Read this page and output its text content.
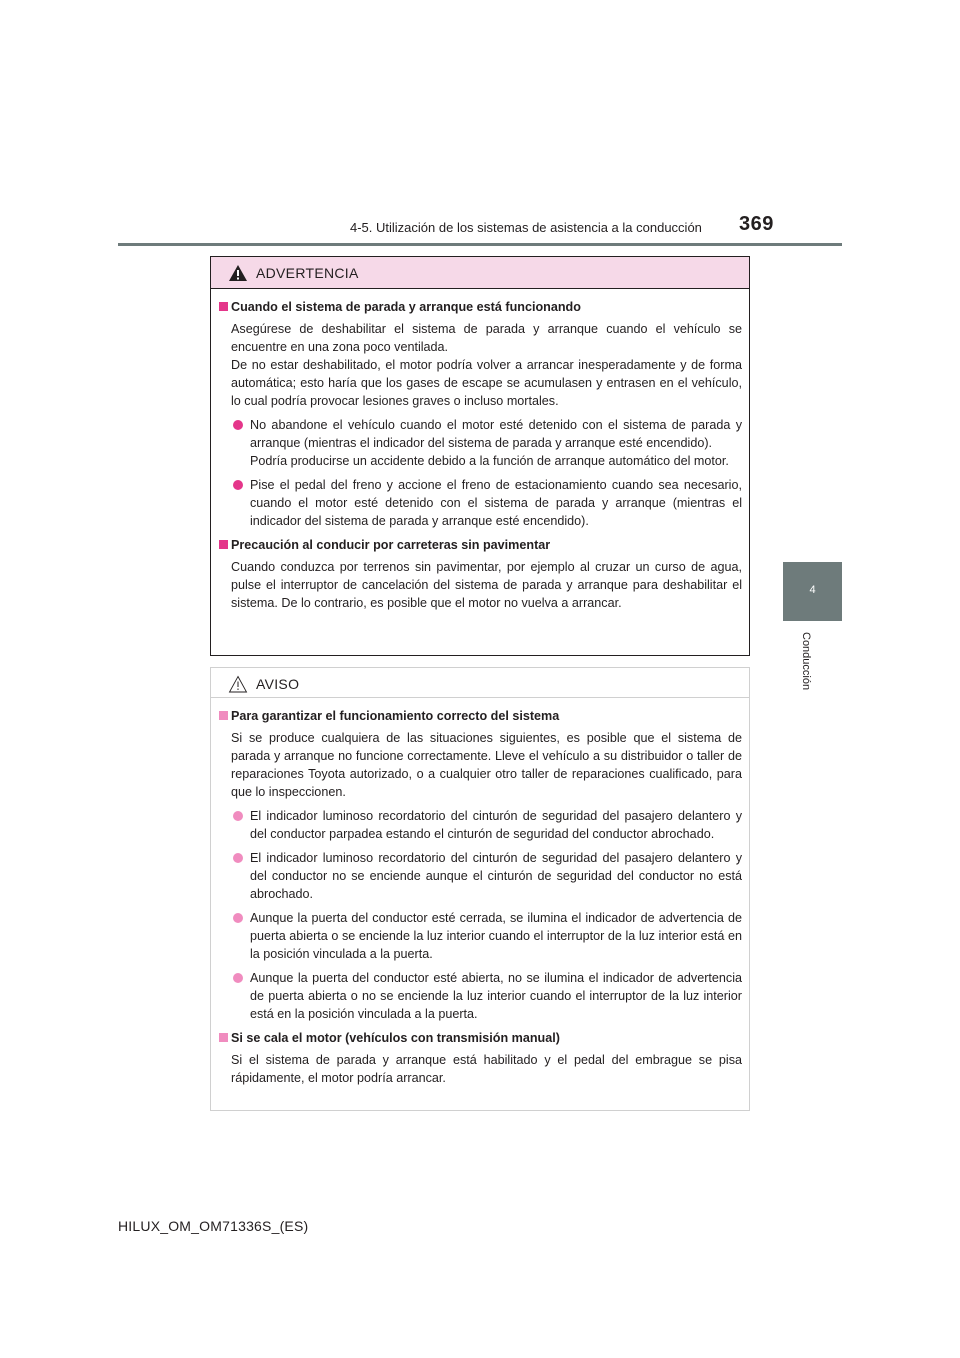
4-5. Utilización de los sistemas de asistencia a la conducción 369
4
Conducción
ADVERTENCIA
Cuando el sistema de parada y arranque está funcionando
Asegúrese de deshabilitar el sistema de parada y arranque cuando el vehículo se encuentre en una zona poco ventilada.
De no estar deshabilitado, el motor podría volver a arrancar inesperadamente y de forma automática; esto haría que los gases de escape se acumulasen y entrasen en el vehículo, lo cual podría provocar lesiones graves o incluso mortales.
No abandone el vehículo cuando el motor esté detenido con el sistema de parada y arranque (mientras el indicador del sistema de parada y arranque esté encendido).
Podría producirse un accidente debido a la función de arranque automático del motor.
Pise el pedal del freno y accione el freno de estacionamiento cuando sea necesario, cuando el motor esté detenido con el sistema de parada y arranque (mientras el indicador del sistema de parada y arranque esté encendido).
Precaución al conducir por carreteras sin pavimentar
Cuando conduzca por terrenos sin pavimentar, por ejemplo al cruzar un curso de agua, pulse el interruptor de cancelación del sistema de parada y arranque para deshabilitar el sistema. De lo contrario, es posible que el motor no vuelva a arrancar.
AVISO
Para garantizar el funcionamiento correcto del sistema
Si se produce cualquiera de las situaciones siguientes, es posible que el sistema de parada y arranque no funcione correctamente. Lleve el vehículo a su distribuidor o taller de reparaciones Toyota autorizado, o a cualquier otro taller de reparaciones cualificado, para que lo inspeccionen.
El indicador luminoso recordatorio del cinturón de seguridad del pasajero delantero y del conductor parpadea estando el cinturón de seguridad del conductor abrochado.
El indicador luminoso recordatorio del cinturón de seguridad del pasajero delantero y del conductor no se enciende aunque el cinturón de seguridad del conductor no está abrochado.
Aunque la puerta del conductor esté cerrada, se ilumina el indicador de advertencia de puerta abierta o se enciende la luz interior cuando el interruptor de la luz interior está en la posición vinculada a la puerta.
Aunque la puerta del conductor esté abierta, no se ilumina el indicador de advertencia de puerta abierta o no se enciende la luz interior cuando el interruptor de la luz interior está en la posición vinculada a la puerta.
Si se cala el motor (vehículos con transmisión manual)
Si el sistema de parada y arranque está habilitado y el pedal del embrague se pisa rápidamente, el motor podría arrancar.
HILUX_OM_OM71336S_(ES)
